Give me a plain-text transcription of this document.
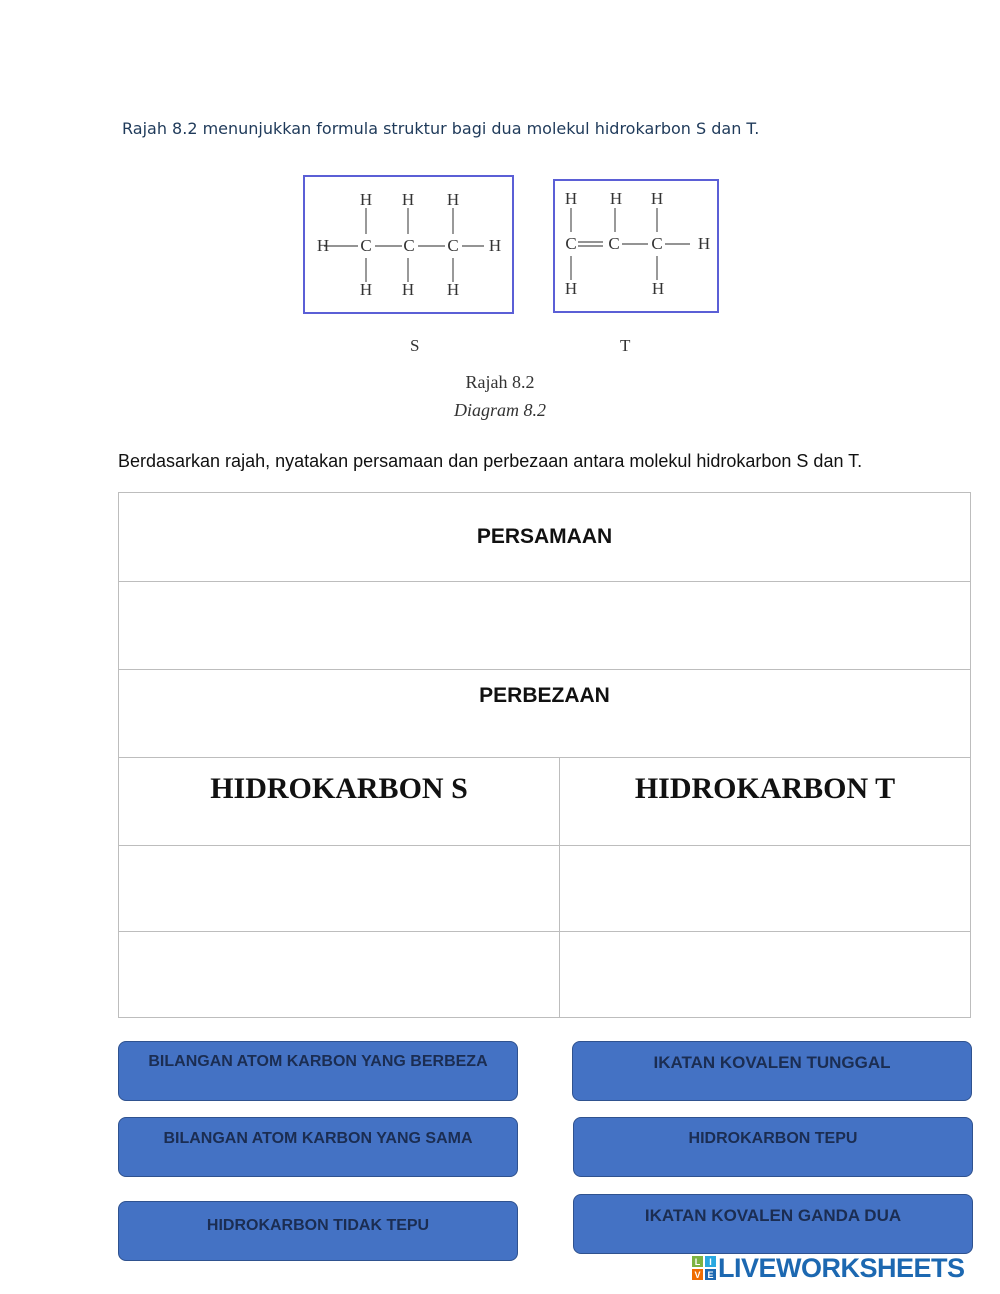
Rajah 8.2 menunjukkan formula struktur bagi dua molekul hidrokarbon S dan T.
H H H
H C C C H
H H H
H H H
C C C H
H	H
S	T
Rajah 8.2
Diagram 8.2
Berdasarkan rajah, nyatakan persamaan dan perbezaan antara molekul hidrokarbon S dan T.
PERSAMAAN	

PERBEZAAN	
HIDROKARBON S	HIDROKARBON T

BILANGAN ATOM KARBON YANG BERBEZA	IKATAN KOVALEN TUNGGAL
BILANGAN ATOM KARBON YANG SAMA	HIDROKARBON TEPU
HIDROKARBON TIDAK TEPU
IKATAN KOVALEN GANDA DUA
L I
V E LIVEWORKSHEETS
